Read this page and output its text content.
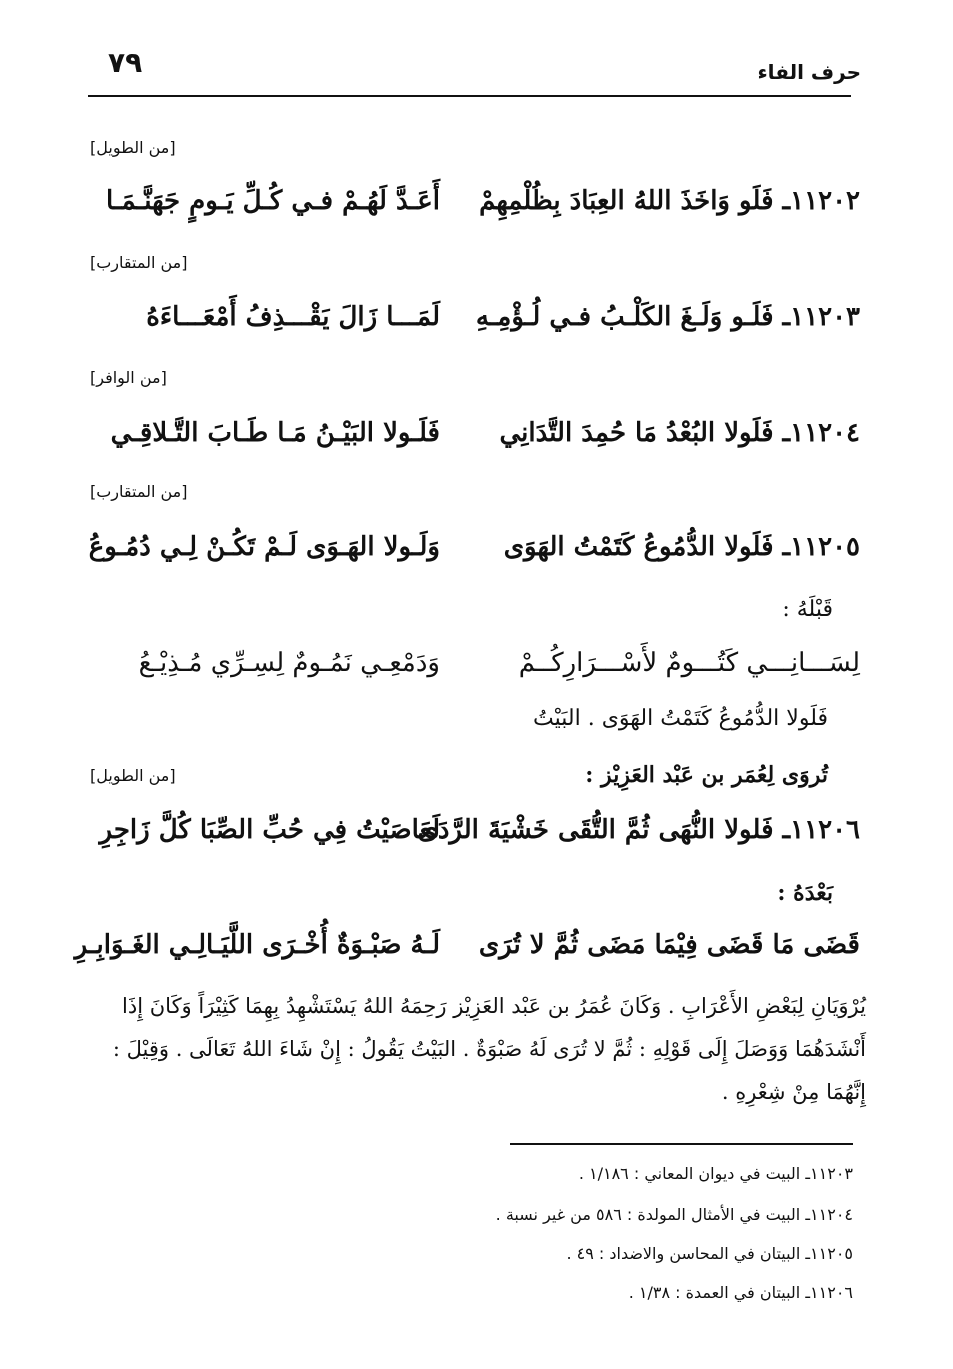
حرف الفاء
٧٩
[من الطويل]
١١٢٠٢ـ فَلَو وَاخَذَ اللهُ العِبَادَ بِظُلْمِهِمْ
أَعَـدَّ لَهُـمْ فـي كُـلِّ يَـومٍ جَهَنَّـمَـا
[من المتقارب]
١١٢٠٣ـ فَلَـو وَلَـغَ الكَلْـبُ فـي لُـؤْمِـهِ
لَمَـــا زَالَ يَقْـــذِفُ أَمْعَـــاءَهُ
[من الوافر]
١١٢٠٤ـ فَلَولا البُعْدُ مَا حُمِدَ التَّدَانِي
فَلَـولا البَيْـنُ مَـا طَـابَ التَّـلاقِـي
[من المتقارب]
١١٢٠٥ـ فَلَولا الدُّمُوعُ كَتَمْتُ الهَوَى
وَلَـولا الهَـوَى لَـمْ تَكُـنْ لِـي دُمُـوعُ
قَبْلَهُ :
لِسَـــانِـــي كَتُـــومٌ لأَسْـــرَارِكُــمْ
وَدَمْعِـي نَمُـومٌ لِسِـرِّي مُـذِيْـعُ
فَلَولا الدُّمُوعُ كَتَمْتُ الهَوَى . البَيْتُ
تُروَى لِعُمَر بن عَبْد العَزِيْز :
[من الطويل]
١١٢٠٦ـ فَلولا النُّهَى ثُمَّ التُّقَى خَشْيَةَ الرَّدَى
لَعَاصَيْتُ فِي حُبِّ الصِّبَا كُلَّ زَاجِرِ
بَعْدَهُ :
قَضَى مَا قَضَى فِيْمَا مَضَى ثُمَّ لا تُرَى
لَـهُ صَبْـوَةٌ أُخْـرَى اللَّيَـالِـي الغَـوَابِـرِ
يُرْوَيَانِ لِبَعْضِ الأَعْرَابِ . وَكَانَ عُمَرُ بن عَبْد العَزِيْز رَحِمَهُ اللهُ يَسْتَشْهِدُ بِهِمَا كَثِيْرَاً وَكَانَ إِذَا أَنْشَدَهُمَا وَوَصَلَ إِلَى قَوْلِهِ : ثُمَّ لا تُرَى لَهُ صَبْوَةٌ . البَيْتُ يَقُولُ : إِنْ شَاءَ اللهُ تَعَالَى . وَقِيْلَ : إِنَّهُمَا مِنْ شِعْرِهِ .
١١٢٠٣ـ البيت في ديوان المعاني : ١/١٨٦ .
١١٢٠٤ـ البيت في الأمثال المولدة : ٥٨٦ من غير نسبة .
١١٢٠٥ـ البيتان في المحاسن والاضداد : ٤٩ .
١١٢٠٦ـ البيتان في العمدة : ١/٣٨ .
